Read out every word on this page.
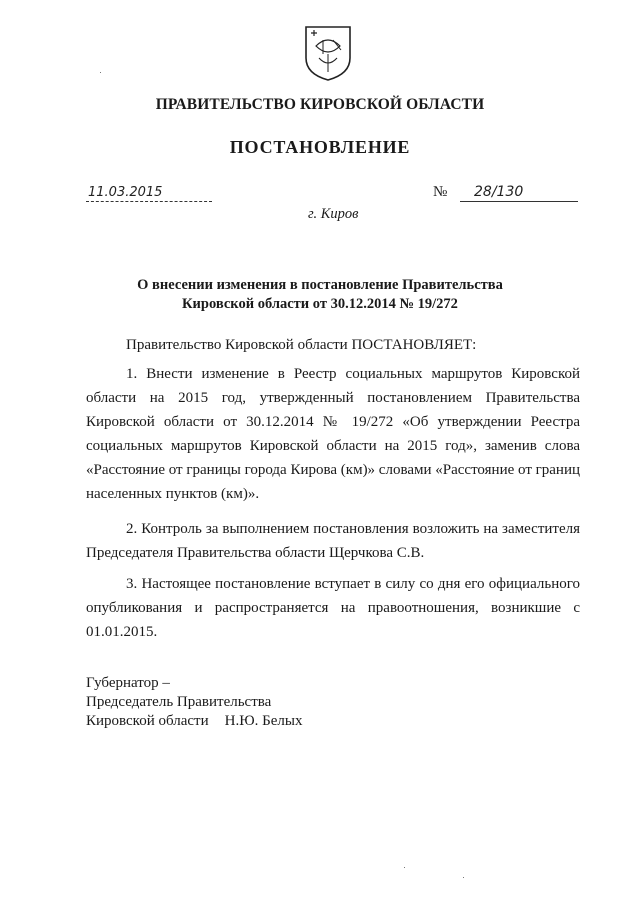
ПРАВИТЕЛЬСТВО КИРОВСКОЙ ОБЛАСТИ
ПОСТАНОВЛЕНИЕ
11.03.2015	№ 28/130
г. Киров
О внесении изменения в постановление Правительства
Кировской области от 30.12.2014 № 19/272
Правительство Кировской области ПОСТАНОВЛЯЕТ:
1. Внести изменение в Реестр социальных маршрутов Кировской области на 2015 год, утвержденный постановлением Правительства Кировской области от 30.12.2014 № 19/272 «Об утверждении Реестра социальных маршрутов Кировской области на 2015 год», заменив слова «Расстояние от границы города Кирова (км)» словами «Расстояние от границ населенных пунктов (км)».
2. Контроль за выполнением постановления возложить на заместителя Председателя Правительства области Щерчкова С.В.
3. Настоящее постановление вступает в силу со дня его официального опубликования и распространяется на правоотношения, возникшие с 01.01.2015.
Губернатор –
Председатель Правительства
Кировской области Н.Ю. Белых
